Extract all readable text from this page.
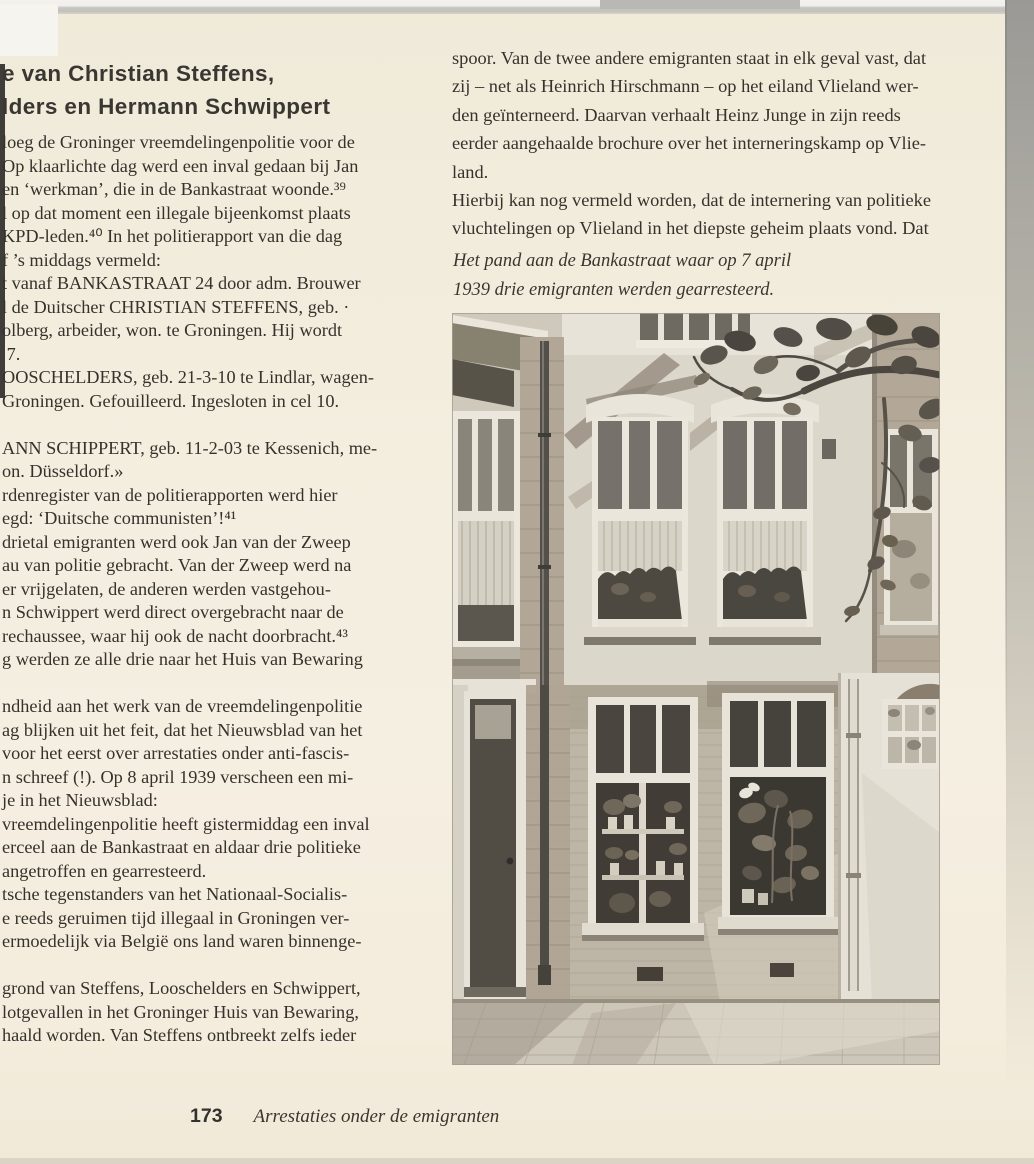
e van Christian Steffens,
lders en Hermann Schwippert
loeg de Groninger vreemdelingenpolitie voor de
Op klaarlichte dag werd een inval gedaan bij Jan
en ‘werkman’, die in de Bankastraat woonde.³⁹
l op dat moment een illegale bijeenkomst plaats
KPD-leden.⁴⁰ In het politierapport van die dag
f ’s middags vermeld:
t vanaf BANKASTRAAT 24 door adm. Brouwer
l de Duitscher CHRISTIAN STEFFENS, geb. ·
olberg, arbeider, won. te Groningen. Hij wordt
7.
OOSCHELDERS, geb. 21-3-10 te Lindlar, wagen-
Groningen. Gefouilleerd. Ingesloten in cel 10.

ANN SCHIPPERT, geb. 11-2-03 te Kessenich, me-
on. Düsseldorf.»
rdenregister van de politierapporten werd hier
egd: ‘Duitsche communisten’!⁴¹
drietal emigranten werd ook Jan van der Zweep
au van politie gebracht. Van der Zweep werd na
er vrijgelaten, de anderen werden vastgehou-
n Schwippert werd direct overgebracht naar de
rechaussee, waar hij ook de nacht doorbracht.⁴³
g werden ze alle drie naar het Huis van Bewaring

ndheid aan het werk van de vreemdelingenpolitie
ag blijken uit het feit, dat het Nieuwsblad van het
voor het eerst over arrestaties onder anti-fascis-
n schreef (!). Op 8 april 1939 verscheen een mi-
je in het Nieuwsblad:
vreemdelingenpolitie heeft gistermiddag een inval
erceel aan de Bankastraat en aldaar drie politieke
angetroffen en gearresteerd.
tsche tegenstanders van het Nationaal-Socialis-
e reeds geruimen tijd illegaal in Groningen ver-
ermoedelijk via België ons land waren binnenge-

grond van Steffens, Looschelders en Schwippert,
lotgevallen in het Groninger Huis van Bewaring,
haald worden. Van Steffens ontbreekt zelfs ieder
spoor. Van de twee andere emigranten staat in elk geval vast, dat
zij – net als Heinrich Hirschmann – op het eiland Vlieland wer-
den geïnterneerd. Daarvan verhaalt Heinz Junge in zijn reeds
eerder aangehaalde brochure over het interneringskamp op Vlie-
land.
Hierbij kan nog vermeld worden, dat de internering van politieke
vluchtelingen op Vlieland in het diepste geheim plaats vond. Dat
Het pand aan de Bankastraat waar op 7 april
1939 drie emigranten werden gearresteerd.
173 Arrestaties onder de emigranten
